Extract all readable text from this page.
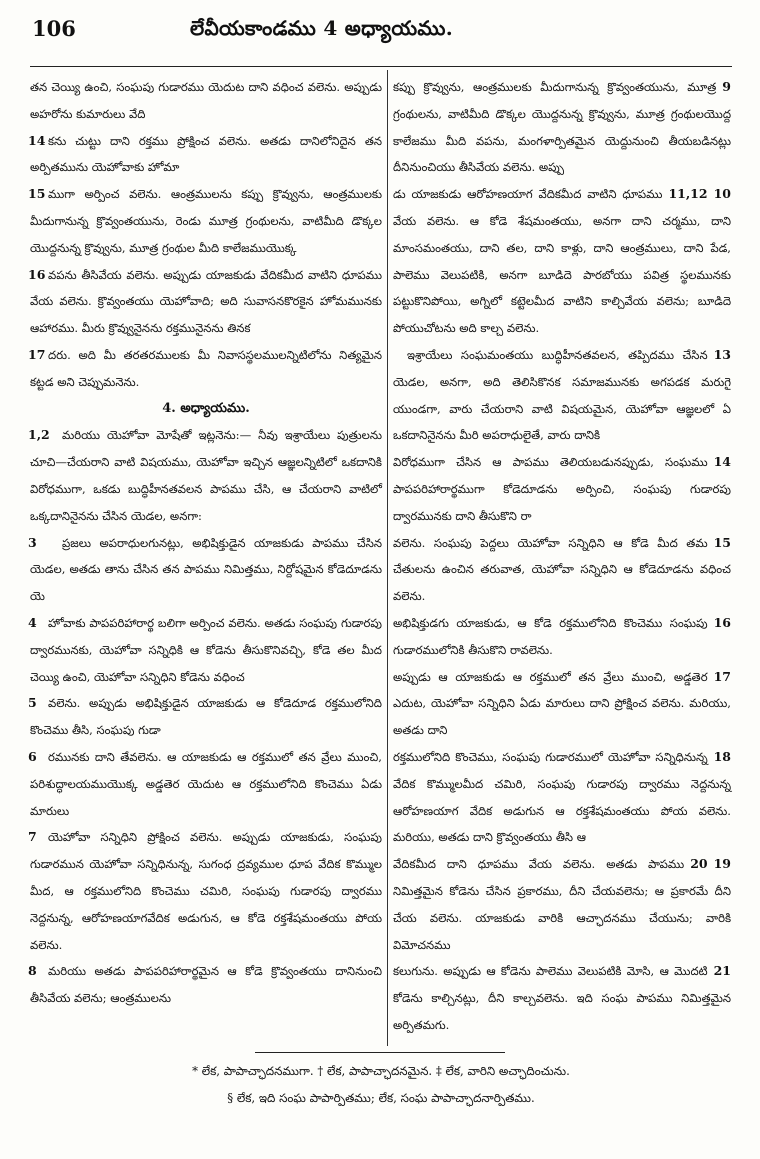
106	లేవీయకాండము 4 అధ్యాయము.

తన చెయ్యి ఉంచి, సంఘపు గుడారము యెదుట దాని వధించ వలెను. అప్పుడు అహరోను కుమారులు వేది

14 కను చుట్టు దాని రక్తము ప్రోక్షించ వలెను. అతడు దానిలోనిదైన తన అర్పితమును యెహోవాకు హోమా

15 ముగా అర్పించ వలెను. ఆంత్రములను కప్పు క్రొవ్వును, ఆంత్రములకు మీదుగానున్న క్రొవ్వంతయును, రెండు మూత్ర గ్రంథులను, వాటిమీది డొక్కల యొద్దనున్న క్రొవ్వును, మూత్ర గ్రంథుల మీది కాలేజముయొక్క

16 వపను తీసివేయ వలెను. అప్పుడు యాజకుడు వేదికమీద వాటిని ధూపము వేయ వలెను. క్రొవ్వంతయు యెహోవాది; అది సువాసనకొరకైన హోమమునకు ఆహారము. మీరు క్రొవ్వునైనను రక్తమునైనను తినక

17 దరు. అది మీ తరతరములకు మీ నివాసస్థలములన్నిటిలోను నిత్యమైన కట్టడ అని చెప్పుమనెను.

4. అధ్యాయము.

1,2 మరియు యెహోవా మోషేతో ఇట్లనెను:— నీవు ఇశ్రాయేలు పుత్రులను చూచి—చేయరాని వాటి విషయము, యెహోవా ఇచ్చిన ఆజ్ఞలన్నిటిలో ఒకదానికి విరోధముగా, ఒకడు బుద్ధిహీనతవలన పాపము చేసి, ఆ చేయరాని వాటిలో ఒక్కదానినైనను చేసిన యెడల, అనగా:

3 ప్రజలు అపరాధులగునట్లు, అభిషిక్తుడైన యాజకుడు పాపము చేసిన యెడల, అతడు తాను చేసిన తన పాపము నిమిత్తము, నిర్దోషమైన కోడెదూడను యె

4 హోవాకు పాపపరిహారార్థ బలిగా అర్పించ వలెను. అతడు సంఘపు గుడారపు ద్వారమునకు, యెహోవా సన్నిధికి ఆ కోడెను తీసుకొనివచ్చి, కోడె తల మీద చెయ్యి ఉంచి, యెహోవా సన్నిధిని కోడెను వధించ

5 వలెను. అప్పుడు అభిషిక్తుడైన యాజకుడు ఆ కోడెదూడ రక్తములోనిది కొంచెము తీసి, సంఘపు గుడా

6 రమునకు దాని తేవలెను. ఆ యాజకుడు ఆ రక్తములో తన వ్రేలు ముంచి, పరిశుద్ధాలయముయొక్క అడ్డతెర యెదుట ఆ రక్తములోనిది కొంచెము ఏడు మారులు

7 యెహోవా సన్నిధిని ప్రోక్షించ వలెను. అప్పుడు యాజకుడు, సంఘపు గుడారమున యెహోవా సన్నిధినున్న, సుగంధ ద్రవ్యముల ధూప వేదిక కొమ్ముల మీద, ఆ రక్తములోనిది కొంచెము చమిరి, సంఘపు గుడారపు ద్వారము నెద్దనున్న, ఆరోహణయాగవేదిక అడుగున, ఆ కోడె రక్తశేషమంతయు పోయ వలెను.

8 మరియు అతడు పాపపరిహారార్థమైన ఆ కోడె క్రొవ్వంతయు దానినుంచి తీసివేయ వలెను; ఆంత్రములను

9
కప్పు క్రొవ్వును, ఆంత్రములకు మీదుగానున్న క్రొవ్వంతయును, మూత్ర గ్రంథులను, వాటిమీది డొక్కల యొద్దనున్న క్రొవ్వును, మూత్ర గ్రంథులయొద్ద కాలేజము మీది వపను, మంగళార్పితమైన యెద్దునుంచి తీయబడినట్లు దీనినుంచియు తీసివేయ వలెను. అప్పు

10
11,12
డు యాజకుడు ఆరోహణయాగ వేదికమీద వాటిని ధూపము వేయ వలెను. ఆ కోడె శేషమంతయు, అనగా దాని చర్మము, దాని మాంసమంతయు, దాని తల, దాని కాళ్లు, దాని ఆంత్రములు, దాని పేడ, పాలెము వెలుపటికి, అనగా బూడిదె పారబోయు పవిత్ర స్థలమునకు పట్టుకొనిపోయి, అగ్నిలో కట్టెలమీద వాటిని కాల్చివేయ వలెను; బూడిదె పోయుచోటను అది కాల్చ వలెను.

13
ఇశ్రాయేలు సంఘమంతయు బుద్ధిహీనతవలన, తప్పిదము చేసిన యెడల, అనగా, అది తెలిసికొనక సమాజమునకు అగపడక మరుగై యుండగా, వారు చేయరాని వాటి విషయమైన, యెహోవా ఆజ్ఞలలో ఏ ఒకదానినైనను మీరి అపరాధులైతే, వారు దానికి

14
విరోధముగా చేసిన ఆ పాపము తెలియబడునప్పుడు, సంఘము పాపపరిహారార్థముగా కోడెదూడను అర్పించి, సంఘపు గుడారపు ద్వారమునకు దాని తీసుకొని రా

15
వలెను. సంఘపు పెద్దలు యెహోవా సన్నిధిని ఆ కోడె మీద తమ చేతులను ఉంచిన తరువాత, యెహోవా సన్నిధిని ఆ కోడెదూడను వధించ వలెను.

16
అభిషిక్తుడగు యాజకుడు, ఆ కోడె రక్తములోనిది కొంచెము సంఘపు గుడారములోనికి తీసుకొని రావలెను.

17
అప్పుడు ఆ యాజకుడు ఆ రక్తములో తన వ్రేలు ముంచి, అడ్డతెర ఎదుట, యెహోవా సన్నిధిని ఏడు మారులు దాని ప్రోక్షించ వలెను. మరియు, అతడు దాని

18
రక్తములోనిది కొంచెము, సంఘపు గుడారములో యెహోవా సన్నిధినున్న వేదిక కొమ్ములమీద చమిరి, సంఘపు గుడారపు ద్వారము నెద్దనున్న ఆరోహణయాగ వేదిక అడుగున ఆ రక్తశేషమంతయు పోయ వలెను. మరియు, అతడు దాని క్రొవ్వంతయు తీసి ఆ

19
20
వేదికమీద దాని ధూపము వేయ వలెను. అతడు పాపము నిమిత్తమైన కోడెను చేసిన ప్రకారము, దీని చేయవలెను; ఆ ప్రకారమే దీని చేయ వలెను. యాజకుడు వారికి ఆచ్ఛాదనము చేయును; వారికి విమోచనము

21
కలుగును. అప్పుడు ఆ కోడెను పాలెము వెలుపటికి మోసి, ఆ మొదటి కోడెను కాల్చినట్లు, దీని కాల్చవలెను. ఇది సంఘ పాపము నిమిత్తమైన అర్పితమగు.

* లేక, పాపాచ్ఛాదనముగా. † లేక, పాపాచ్ఛాదనమైన. ‡ లేక, వారిని అచ్ఛాదించును.
§ లేక, ఇది సంఘ పాపార్పితము; లేక, సంఘ పాపాచ్ఛాదనార్పితము.
